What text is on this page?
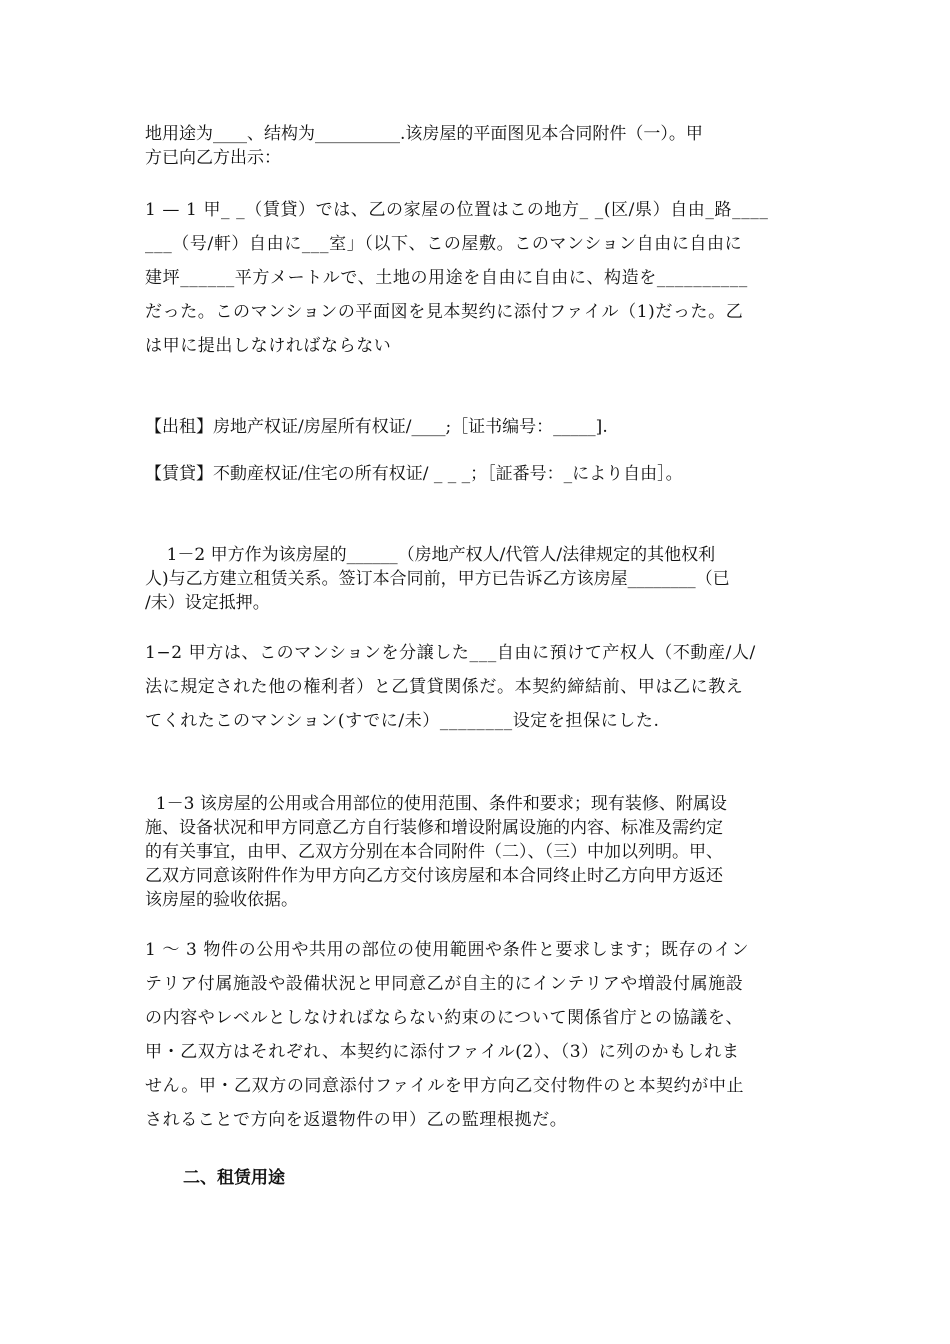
地用途为____、结构为__________.该房屋的平面图见本合同附件（一）。甲
方已向乙方出示：
1 — 1 甲_ _（賃貸）では、乙の家屋の位置はこの地方_ _(区/県）自由_路____
___（号/軒）自由に___室」（以下、この屋敷。このマンション自由に自由に
建坪______平方メートルで、土地の用途を自由に自由に、构造を__________
だった。このマンションの平面図を見本契约に添付ファイル（1)だった。乙
は甲に提出しなければならない
【出租】房地产权证/房屋所有权证/____;［证书编号：_____].
【賃貸】不動産权证/住宅の所有权证/ _ _ _；［証番号：_により自由］。
1－2 甲方作为该房屋的______（房地产权人/代管人/法律规定的其他权利
人)与乙方建立租赁关系。签订本合同前，甲方已告诉乙方该房屋________（已
/未）设定抵押。
1−2 甲方は、このマンションを分譲した___自由に預けて产权人（不動産/人/
法に規定された他の権利者）と乙賃貸関係だ。本契約締結前、甲は乙に教え
てくれたこのマンション(すでに/未）________设定を担保にした.
1－3 该房屋的公用或合用部位的使用范围、条件和要求；现有装修、附属设
施、设备状况和甲方同意乙方自行装修和增设附属设施的内容、标准及需约定
的有关事宜，由甲、乙双方分别在本合同附件（二）、（三）中加以列明。甲、
乙双方同意该附件作为甲方向乙方交付该房屋和本合同终止时乙方向甲方返还
该房屋的验收依据。
1 ～ 3 物件の公用や共用の部位の使用範囲や条件と要求します；既存のイン
テリア付属施設や設備状況と甲同意乙が自主的にインテリアや増設付属施設
の内容やレベルとしなければならない約束のについて関係省庁との協議を、
甲・乙双方はそれぞれ、本契约に添付ファイル(2）、（3）に列のかもしれま
せん。甲・乙双方の同意添付ファイルを甲方向乙交付物件のと本契约が中止
されることで方向を返還物件の甲）乙の監理根拠だ。
二、租赁用途
